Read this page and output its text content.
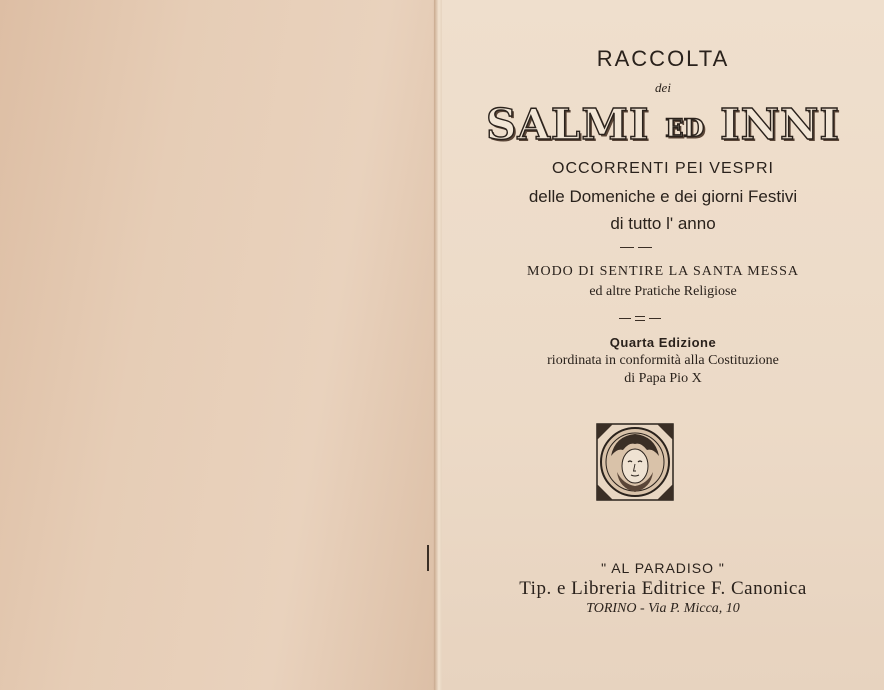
RACCOLTA
dei
SALMI ED INNI
OCCORRENTI PEI VESPRI
delle Domeniche e dei giorni Festivi
di tutto l' anno
MODO DI SENTIRE LA SANTA MESSA
ed altre Pratiche Religiose
Quarta Edizione
riordinata in conformità alla Costituzione
di Papa Pio X
" AL PARADISO "
Tip. e Libreria Editrice F. Canonica
TORINO - Via P. Micca, 10
